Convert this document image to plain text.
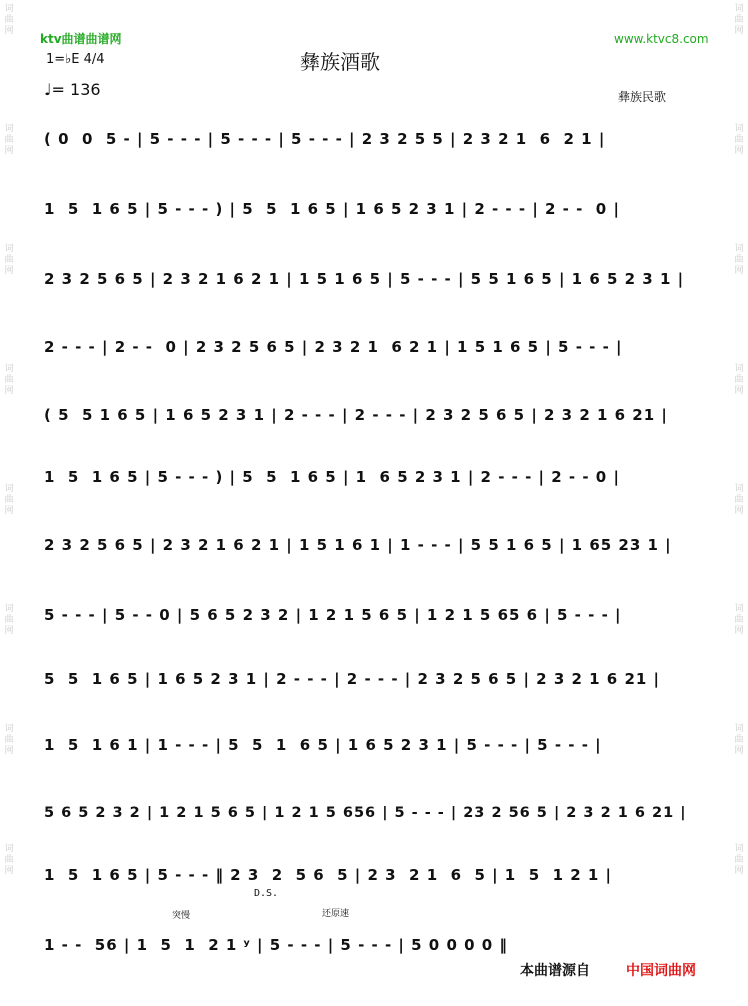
词
曲
网
词
曲
网
词
曲
网
词
曲
网
词
曲
网
词
曲
网
词
曲
网
词
曲
网
词
曲
网
词
曲
网
词
曲
网
词
曲
网
词
曲
网
词
曲
网
词
曲
网
词
曲
网
ktv曲谱曲谱网	www.ktvc8.com
1=♭E 4/4	彝族酒歌
♩= 136	彝族民歌
D.S.
突慢	还原速
( 0  0  5 - | 5 - - - | 5 - - - | 5 - - - | 2 3 2 5 5 | 2 3 2 1  6  2 1 |
1  5  1 6 5 | 5 - - - ) | 5  5  1 6 5 | 1 6 5 2 3 1 | 2 - - - | 2 - -  0 |
2 3 2 5 6 5 | 2 3 2 1 6 2 1 | 1 5 1 6 5 | 5 - - - | 5 5 1 6 5 | 1 6 5 2 3 1 |
2 - - - | 2 - -  0 | 2 3 2 5 6 5 | 2 3 2 1  6 2 1 | 1 5 1 6 5 | 5 - - - |
( 5  5 1 6 5 | 1 6 5 2 3 1 | 2 - - - | 2 - - - | 2 3 2 5 6 5 | 2 3 2 1 6 21 |
1  5  1 6 5 | 5 - - - ) | 5  5  1 6 5 | 1  6 5 2 3 1 | 2 - - - | 2 - - 0 |
2 3 2 5 6 5 | 2 3 2 1 6 2 1 | 1 5 1 6 1 | 1 - - - | 5 5 1 6 5 | 1 65 23 1 |
5 - - - | 5 - - 0 | 5 6 5 2 3 2 | 1 2 1 5 6 5 | 1 2 1 5 65 6 | 5 - - - |
5  5  1 6 5 | 1 6 5 2 3 1 | 2 - - - | 2 - - - | 2 3 2 5 6 5 | 2 3 2 1 6 21 |
1  5  1 6 1 | 1 - - - | 5  5  1  6 5 | 1 6 5 2 3 1 | 5 - - - | 5 - - - |
5 6 5 2 3 2 | 1 2 1 5 6 5 | 1 2 1 5 656 | 5 - - - | 23 2 56 5 | 2 3 2 1 6 21 |
1  5  1 6 5 | 5 - - - ‖ 2 3  2  5 6  5 | 2 3  2 1  6  5 | 1  5  1 2 1 |
1 - -  56 | 1  5  1  2 1 ʸ | 5 - - - | 5 - - - | 5 0 0 0 0 ‖
本曲谱源自	中国词曲网
